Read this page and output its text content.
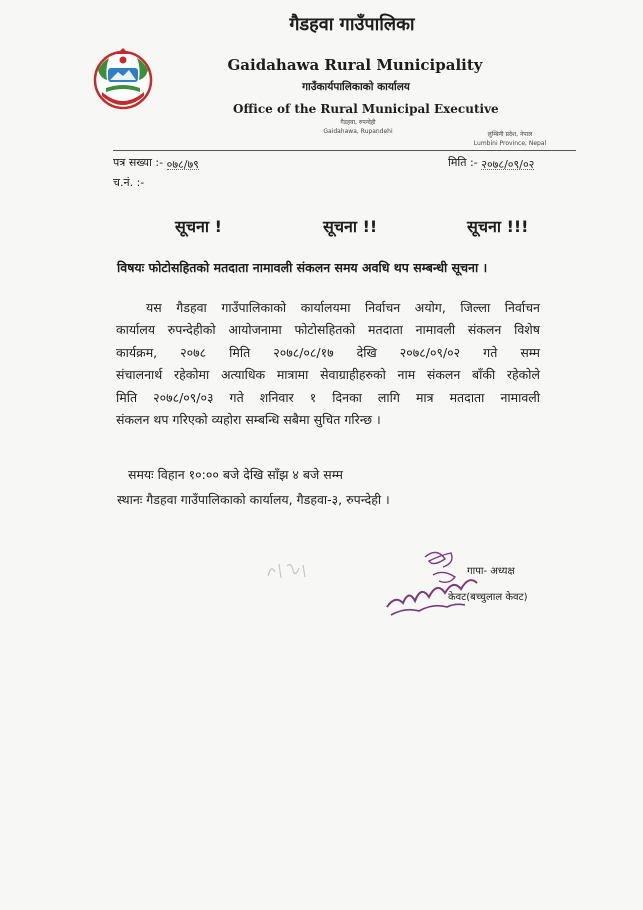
गैडहवा गाउँपालिका
Gaidahawa Rural Municipality
गाउँकार्यपालिकाको कार्यालय
Office of the Rural Municipal Executive
गैडहवा, रुपन्देही
Gaidahawa, Rupandehi	लुम्बिनी प्रदेश, नेपाल
Lumbini Province, Nepal
पत्र सख्या :- ०७८/७९	मिति :- २०७८/०९/०२
च.नं. :-
सूचना !	सूचना !!	सूचना !!!
विषयः फोटोसहितको मतदाता नामावली संकलन समय अवधि थप सम्बन्धी सूचना ।
यस गैडहवा गाउँपालिकाको कार्यालयमा निर्वाचन अयोग, जिल्ला निर्वाचन
कार्यालय रुपन्देहीको आयोजनामा फोटोसहितको मतदाता नामावली संकलन विशेष
कार्यक्रम, २०७८ मिति २०७८/०८/१७ देखि २०७८/०९/०२ गते सम्म
संचालनार्थ रहेकोमा अत्याधिक मात्रामा सेवाग्राहीहरुको नाम संकलन बाँकी रहेकोले
मिति २०७८/०९/०३ गते शनिवार १ दिनका लागि मात्र मतदाता नामावली
संकलन थप गरिएको व्यहोरा सम्बन्धि सबैमा सुचित गरिन्छ ।
समयः विहान १०:०० बजे देखि साँझ ४ बजे सम्म
स्थानः गैडहवा गाउँपालिकाको कार्यालय, गैडहवा-३, रुपन्देही ।
गापा- अध्यक्ष
केवट(बच्चुलाल केवट)
